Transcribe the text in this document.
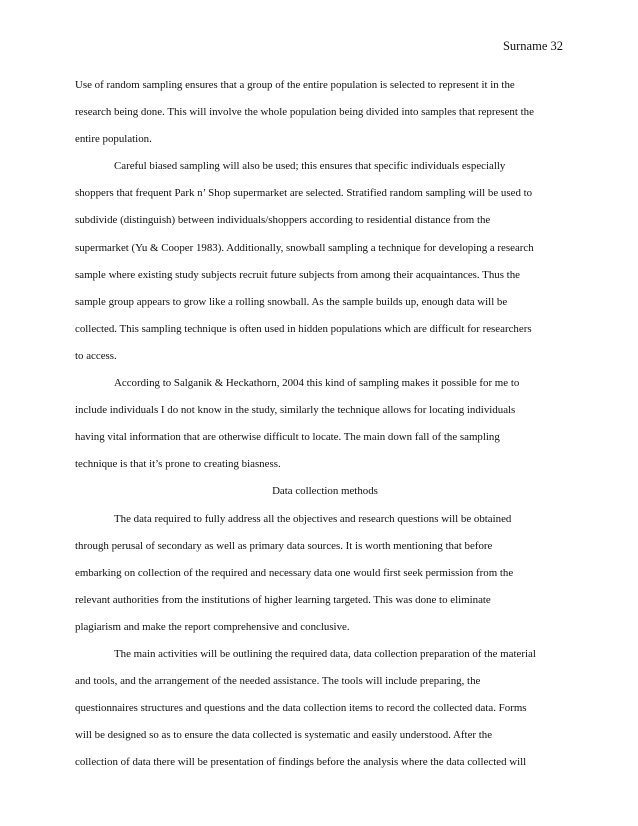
Surname 32
Use of random sampling ensures that a group of the entire population is selected to represent it in the
research being done. This will involve the whole population being divided into samples that represent the
entire population.
Careful biased sampling will also be used; this ensures that specific individuals especially
shoppers that frequent Park n’ Shop supermarket are selected. Stratified random sampling will be used to
subdivide (distinguish) between individuals/shoppers according to residential distance from the
supermarket (Yu & Cooper 1983). Additionally, snowball sampling a technique for developing a research
sample where existing study subjects recruit future subjects from among their acquaintances. Thus the
sample group appears to grow like a rolling snowball. As the sample builds up, enough data will be
collected. This sampling technique is often used in hidden populations which are difficult for researchers
to access.
According to Salganik & Heckathorn, 2004 this kind of sampling makes it possible for me to
include individuals I do not know in the study, similarly the technique allows for locating individuals
having vital information that are otherwise difficult to locate. The main down fall of the sampling
technique is that it’s prone to creating biasness.
Data collection methods
The data required to fully address all the objectives and research questions will be obtained
through perusal of secondary as well as primary data sources. It is worth mentioning that before
embarking on collection of the required and necessary data one would first seek permission from the
relevant authorities from the institutions of higher learning targeted. This was done to eliminate
plagiarism and make the report comprehensive and conclusive.
The main activities will be outlining the required data, data collection preparation of the material
and tools, and the arrangement of the needed assistance. The tools will include preparing, the
questionnaires structures and questions and the data collection items to record the collected data. Forms
will be designed so as to ensure the data collected is systematic and easily understood. After the
collection of data there will be presentation of findings before the analysis where the data collected will
